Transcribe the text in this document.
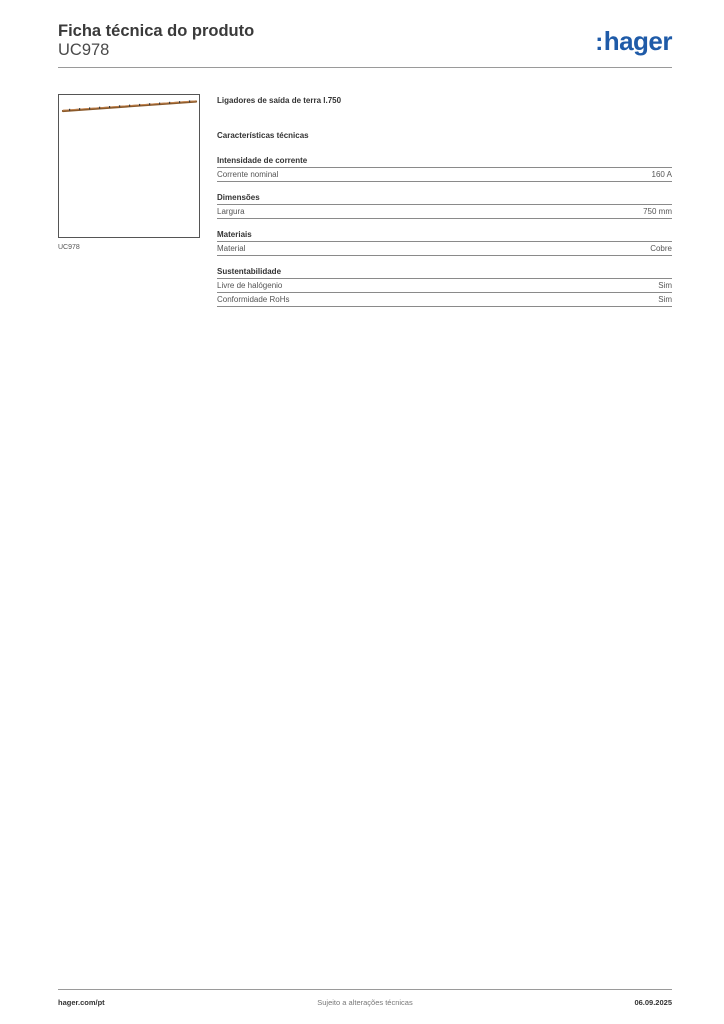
Ficha técnica do produto
UC978	:hager
UC978
Ligadores de saída de terra l.750
Características técnicas
Intensidade de corrente
Corrente nominal	160 A
Dimensões
Largura	750 mm
Materiais
Material	Cobre
Sustentabilidade
Livre de halógenio	Sim
Conformidade RoHs	Sim
hager.com/pt	Sujeito a alterações técnicas	06.09.2025
